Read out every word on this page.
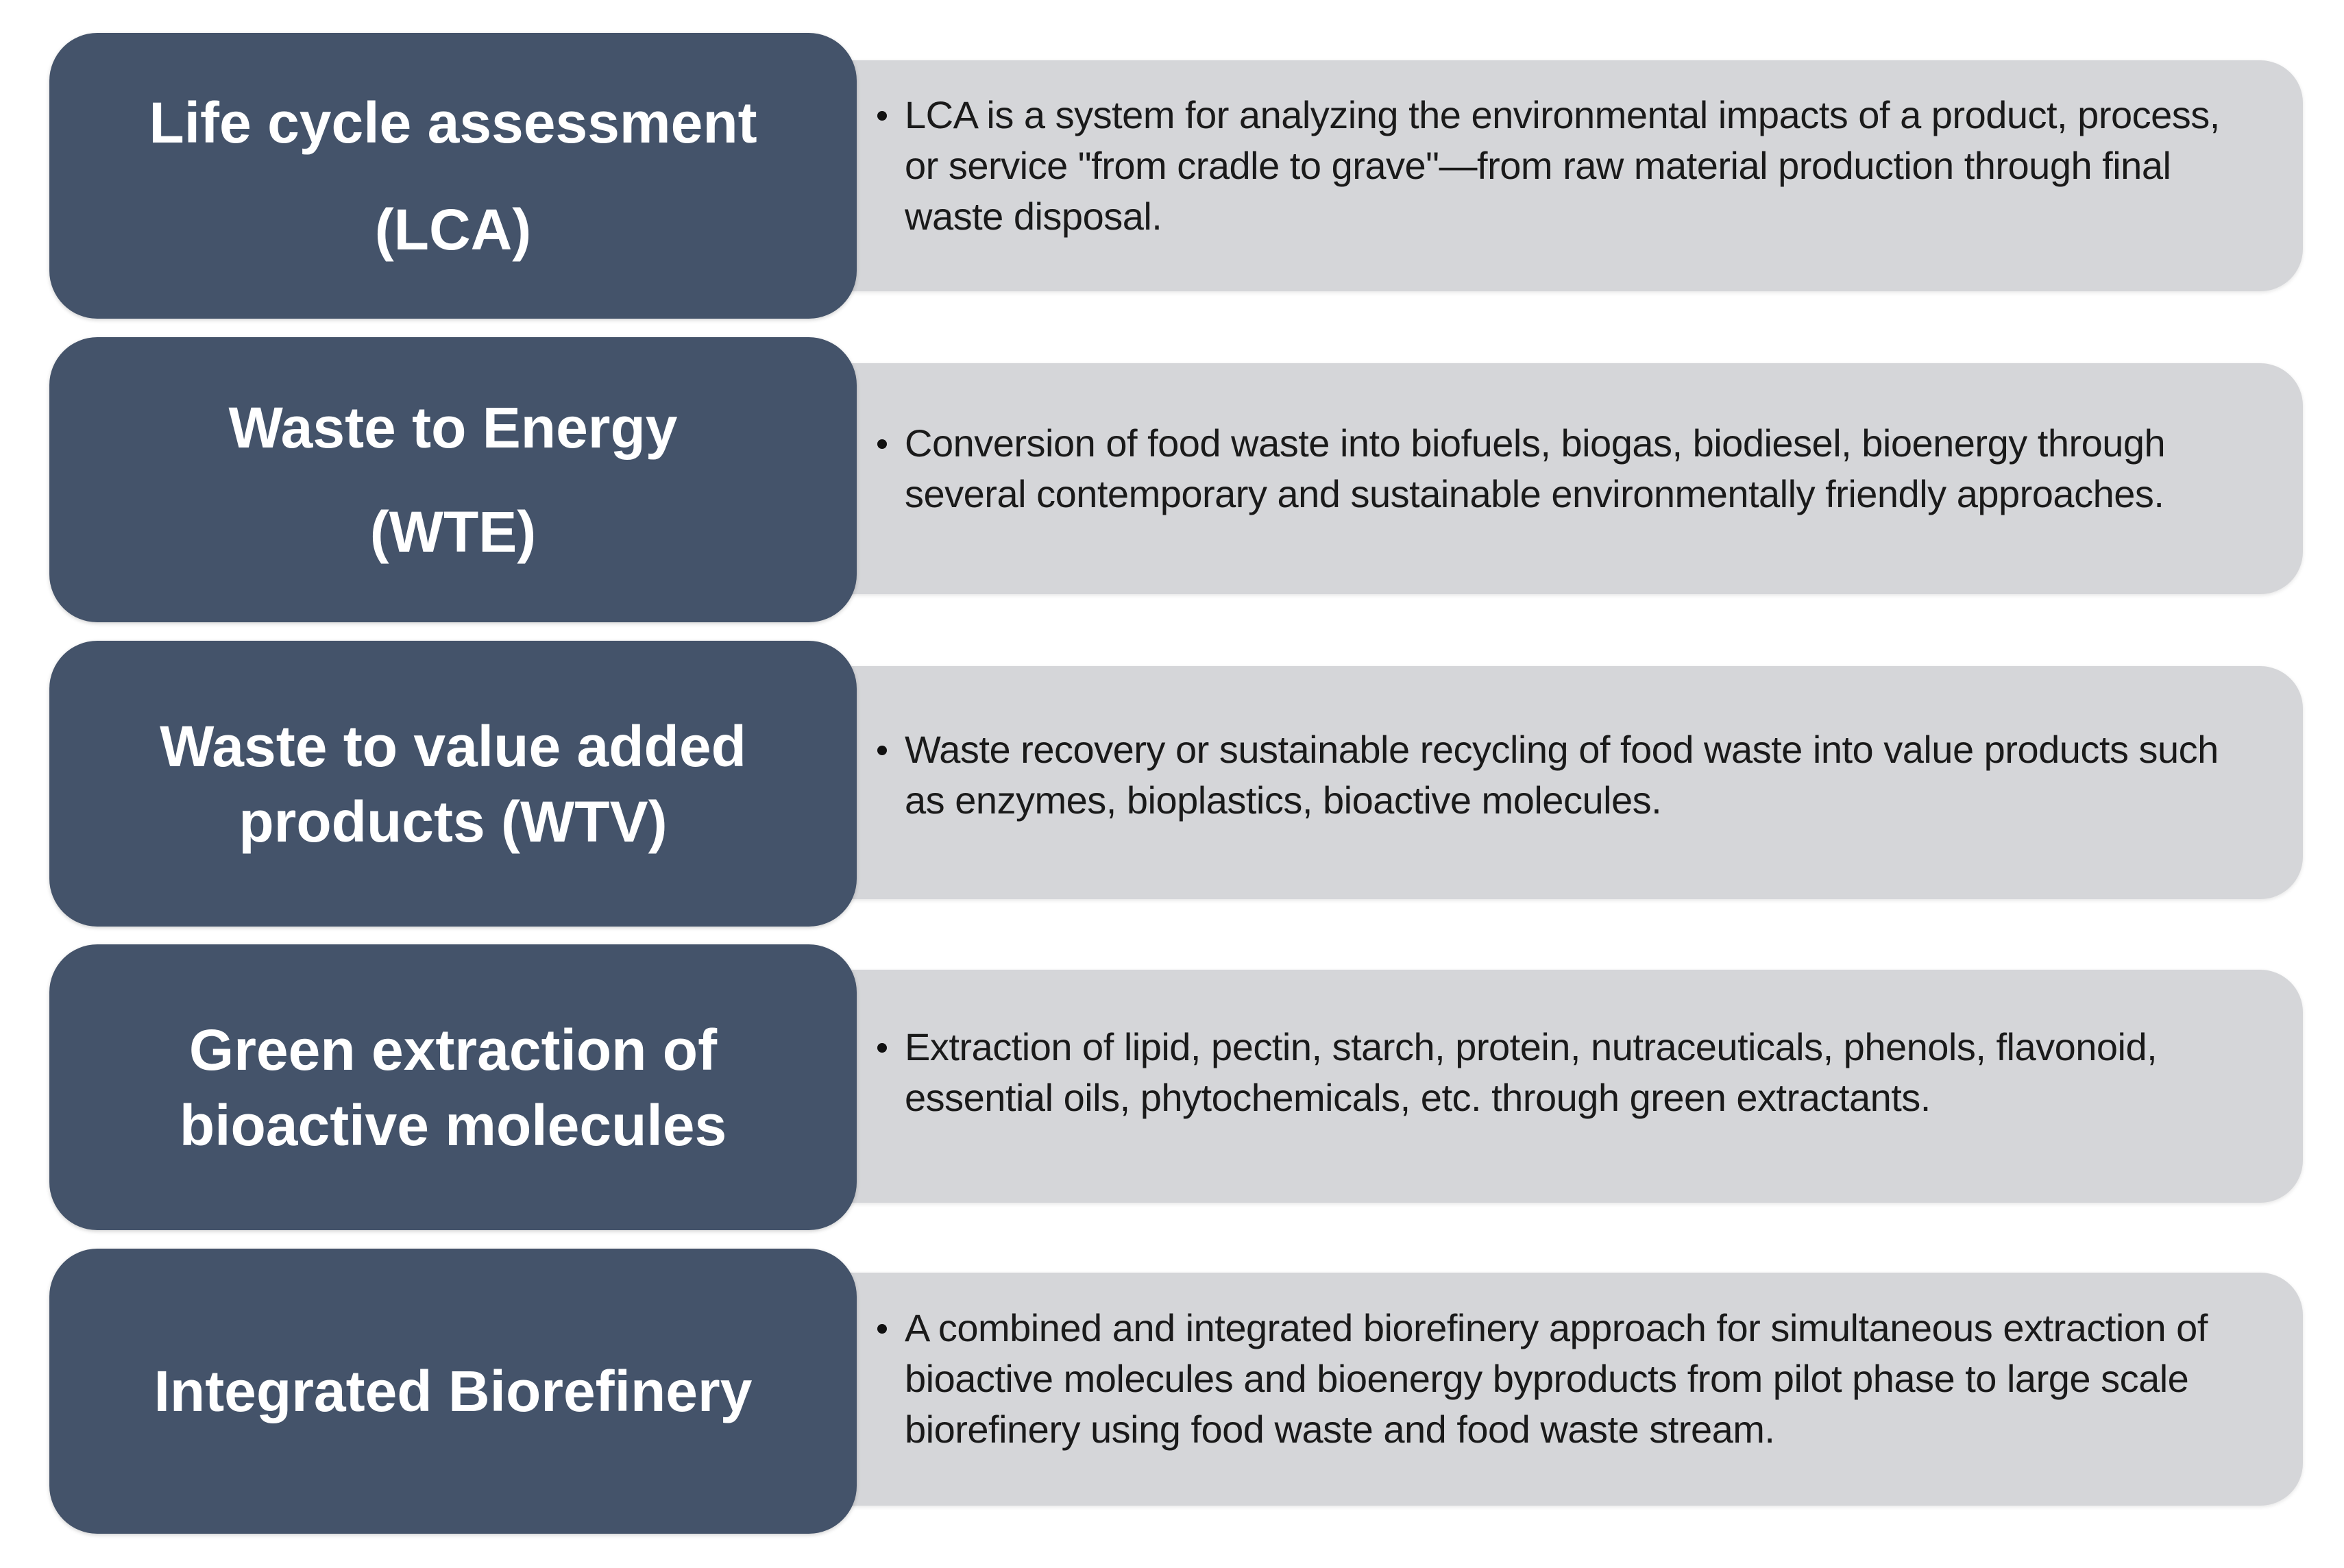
LCA is a system for analyzing the environmental impacts of a product, process, or service "from cradle to grave"—from raw material production through final waste disposal.
Life cycle assessment
(LCA)
Conversion of food waste into biofuels, biogas, biodiesel, bioenergy through several contemporary and sustainable environmentally friendly approaches.
Waste to Energy
(WTE)
Waste recovery or sustainable recycling of food waste into value products such as enzymes, bioplastics, bioactive molecules.
Waste to value added
products (WTV)
Extraction of lipid, pectin, starch, protein, nutraceuticals, phenols, flavonoid, essential oils, phytochemicals, etc. through green extractants.
Green extraction of
bioactive molecules
A combined and integrated biorefinery approach for simultaneous extraction of bioactive molecules and bioenergy byproducts from pilot phase to large scale biorefinery using food waste and food waste stream.
Integrated Biorefinery
